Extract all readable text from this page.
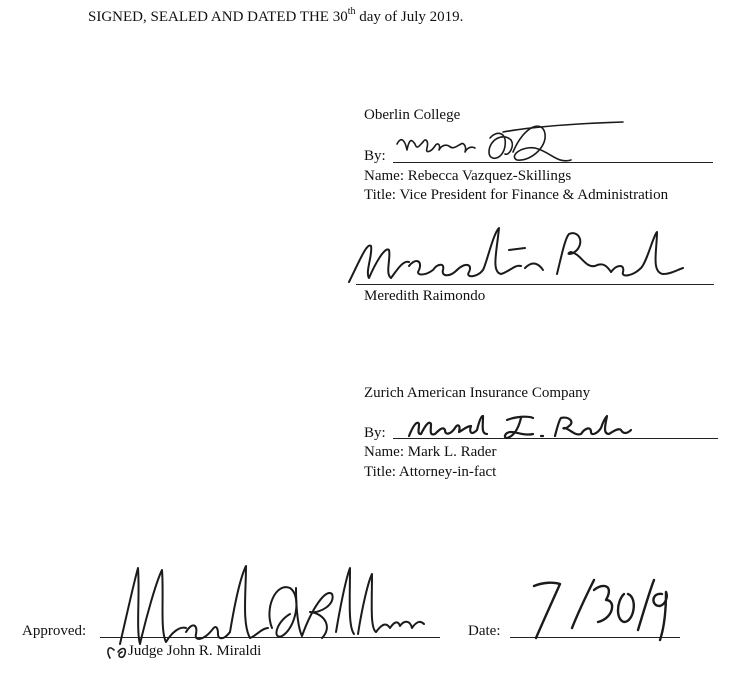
SIGNED, SEALED AND DATED THE 30th day of July 2019.
Oberlin College
By:
Name: Rebecca Vazquez-Skillings
Title: Vice President for Finance & Administration
Meredith Raimondo
Zurich American Insurance Company
By:
Name: Mark L. Rader
Title: Attorney-in-fact
Approved:
Judge John R. Miraldi
Date:
